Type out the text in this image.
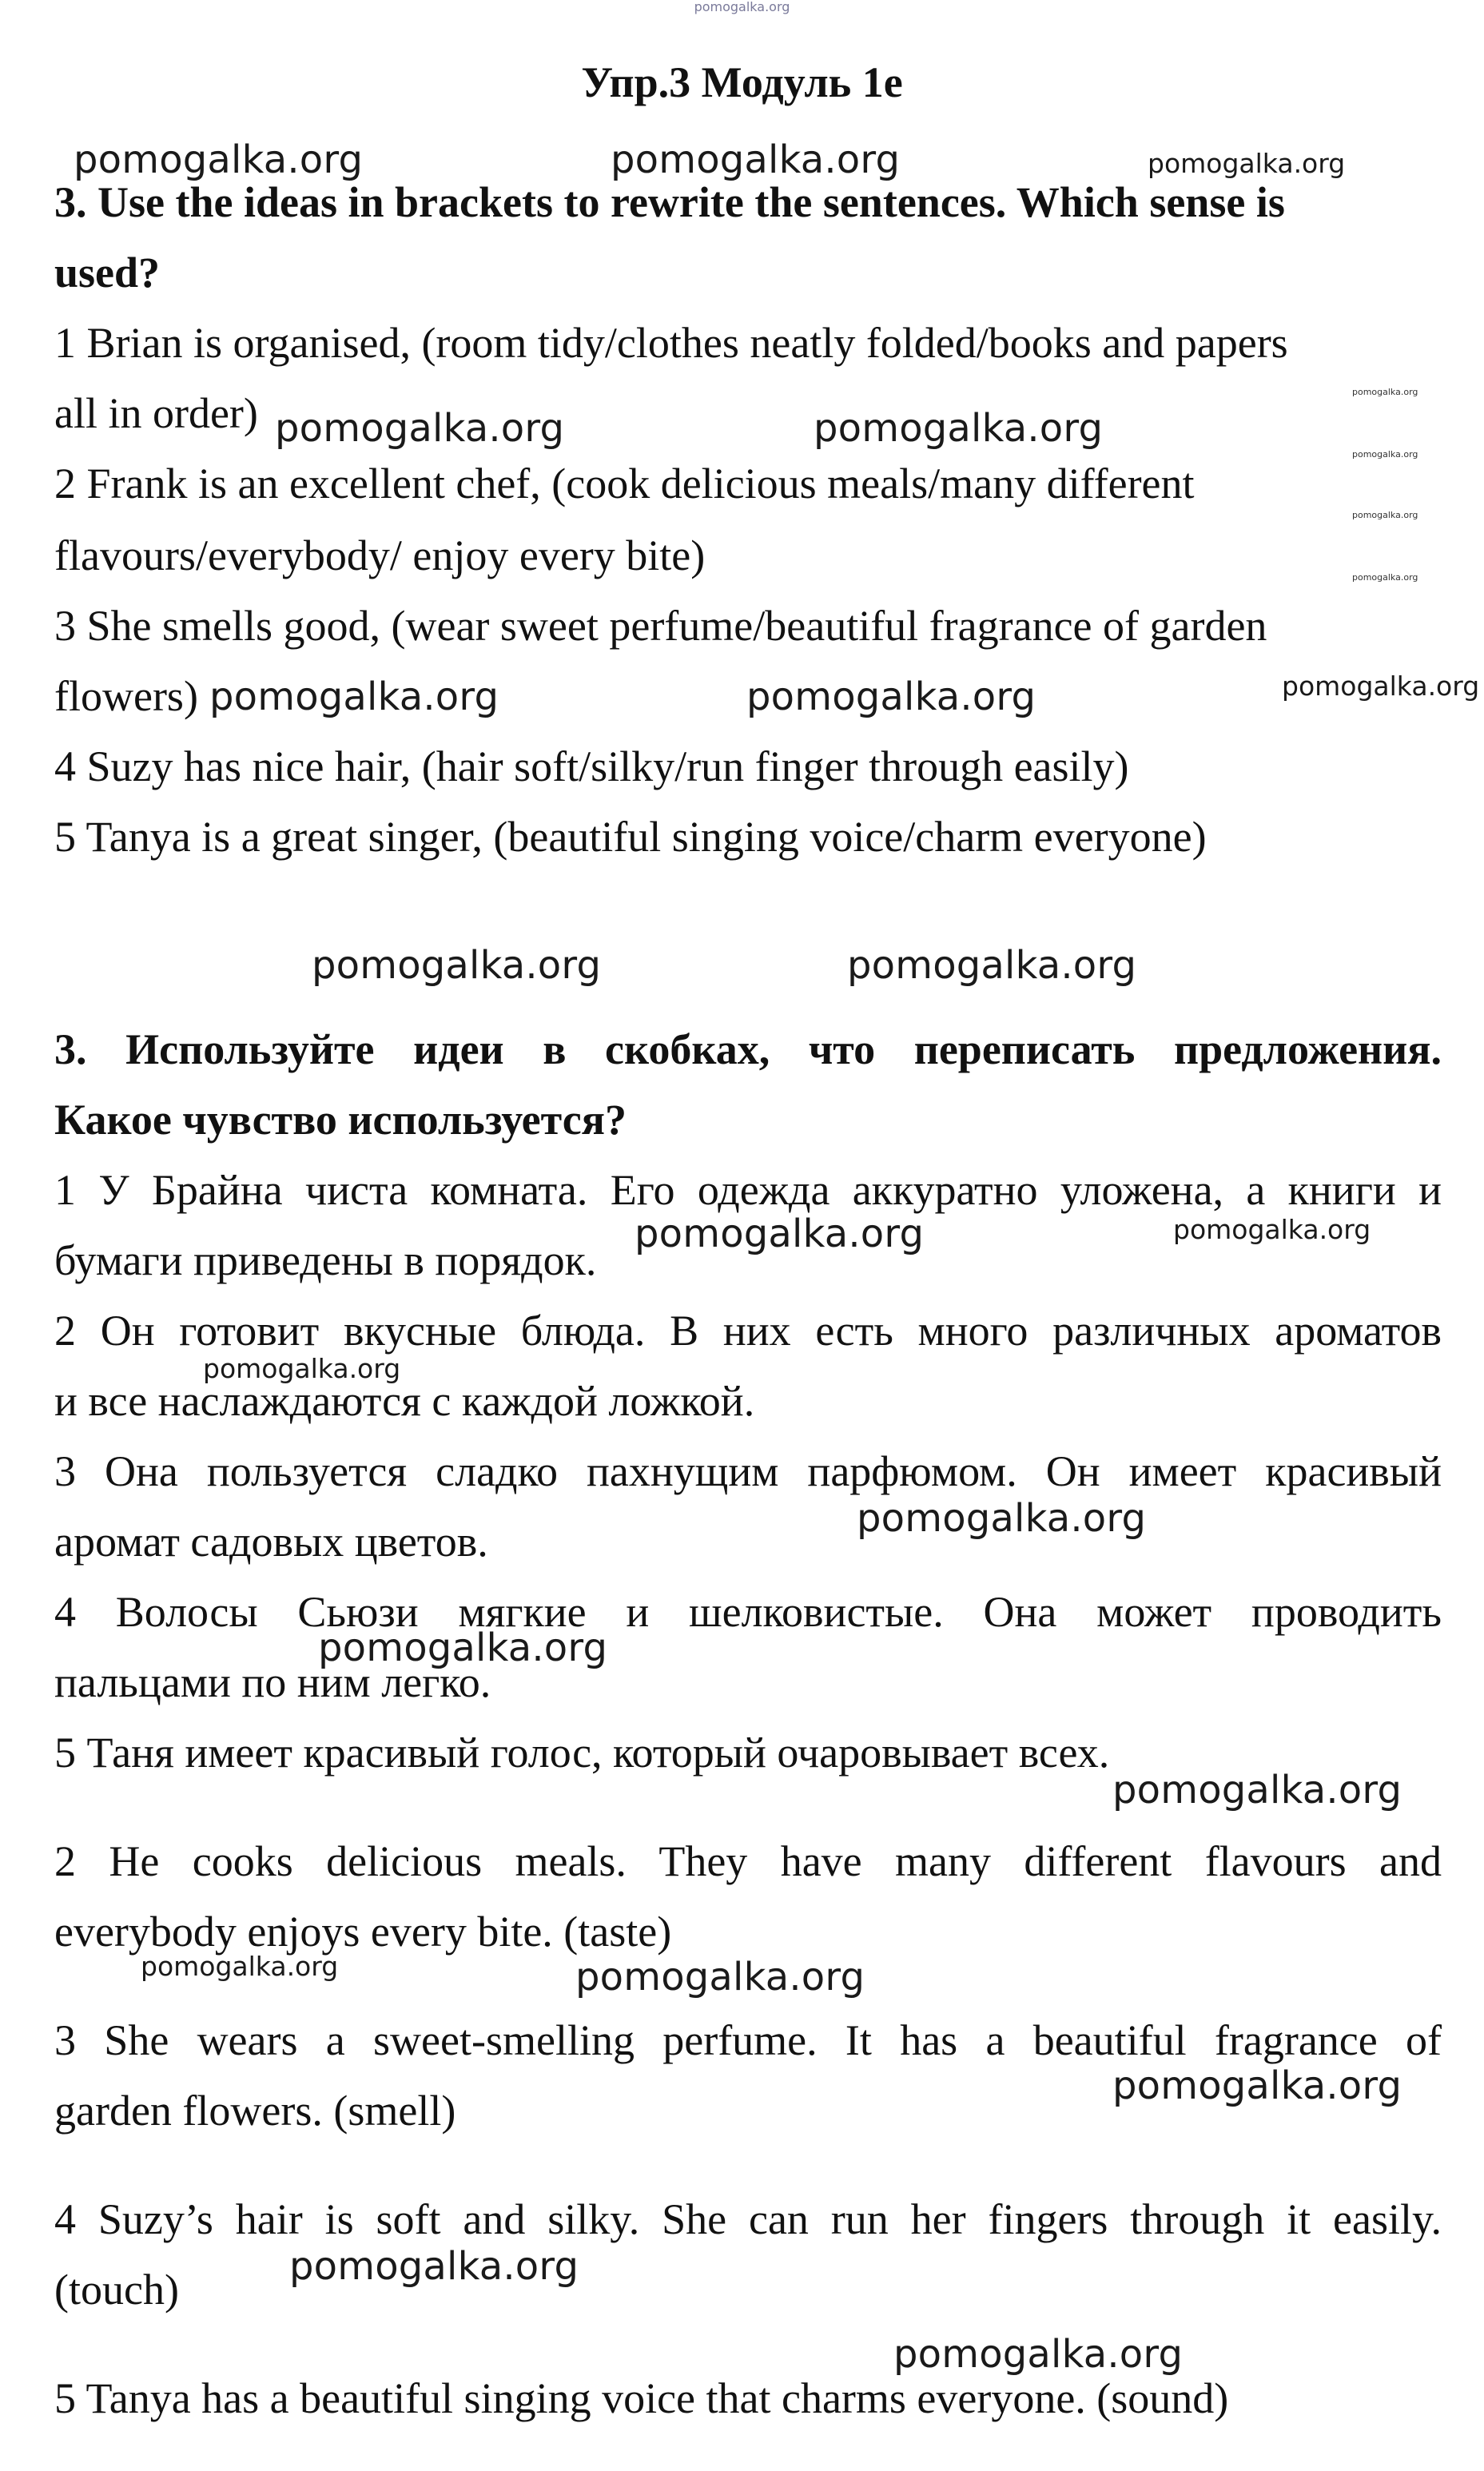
pomogalka.org
Упр.3 Модуль 1e
3. Use the ideas in brackets to rewrite the sentences. Which sense is
used?
1 Brian is organised, (room tidy/clothes neatly folded/books and papers
all in order)
2 Frank is an excellent chef, (cook delicious meals/many different
flavours/everybody/ enjoy every bite)
3 She smells good, (wear sweet perfume/beautiful fragrance of garden
flowers)
4 Suzy has nice hair, (hair soft/silky/run finger through easily)
5 Tanya is a great singer, (beautiful singing voice/charm everyone)
3. Используйте идеи в скобках, что переписать предложения.
Какое чувство используется?
1 У Брайна чиста комната. Его одежда аккуратно уложена, а книги и
бумаги приведены в порядок.
2 Он готовит вкусные блюда. В них есть много различных ароматов
и все наслаждаются с каждой ложкой.
3 Она пользуется сладко пахнущим парфюмом. Он имеет красивый
аромат садовых цветов.
4 Волосы Сьюзи мягкие и шелковистые. Она может проводить
пальцами по ним легко.
5 Таня имеет красивый голос, который очаровывает всех.
2 He cooks delicious meals. They have many different flavours and
everybody enjoys every bite. (taste)
3 She wears a sweet-smelling perfume. It has a beautiful fragrance of
garden flowers. (smell)
4 Suzy’s hair is soft and silky. She can run her fingers through it easily.
(touch)
5 Tanya has a beautiful singing voice that charms everyone. (sound)
pomogalka.org	pomogalka.org
pomogalka.org	pomogalka.org
pomogalka.org	pomogalka.org
pomogalka.org	pomogalka.org
pomogalka.org
pomogalka.org
pomogalka.org
pomogalka.org
pomogalka.org
pomogalka.org
pomogalka.org
pomogalka.org
pomogalka.org
pomogalka.org
pomogalka.org
pomogalka.org
pomogalka.org
pomogalka.org
pomogalka.org
pomogalka.org
pomogalka.org
